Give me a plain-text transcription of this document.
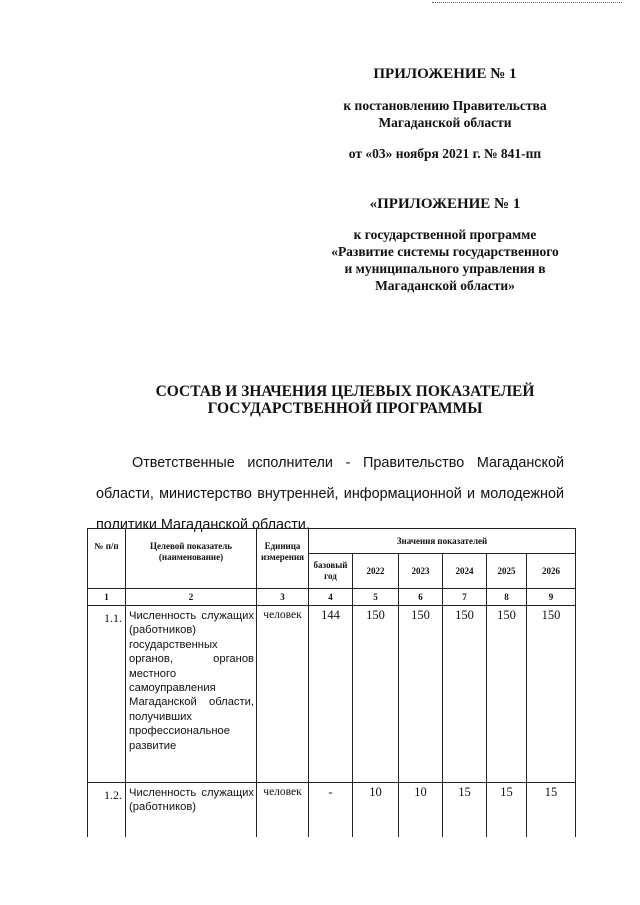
ПРИЛОЖЕНИЕ № 1
к постановлению Правительства Магаданской области
от «03» ноября 2021 г. № 841-пп
«ПРИЛОЖЕНИЕ № 1
к государственной программе «Развитие системы государственного и муниципального управления в Магаданской области»
СОСТАВ И ЗНАЧЕНИЯ ЦЕЛЕВЫХ ПОКАЗАТЕЛЕЙ ГОСУДАРСТВЕННОЙ ПРОГРАММЫ
Ответственные исполнители - Правительство Магаданской области, министерство внутренней, информационной и молодежной политики Магаданской области.
№ п/п	Целевой показатель (наименование)	Единица измерения	Значения показателей					
			базовый год	2022	2023	2024	2025	2026
1	2	3	4	5	6	7	8	9
1.1.	Численность служащих (работников) государственных органов, органов местного самоуправления Магаданской области, получивших профессиональное развитие	человек	144	150	150	150	150	150
1.2.	Численность служащих (работников)	человек	-	10	10	15	15	15
